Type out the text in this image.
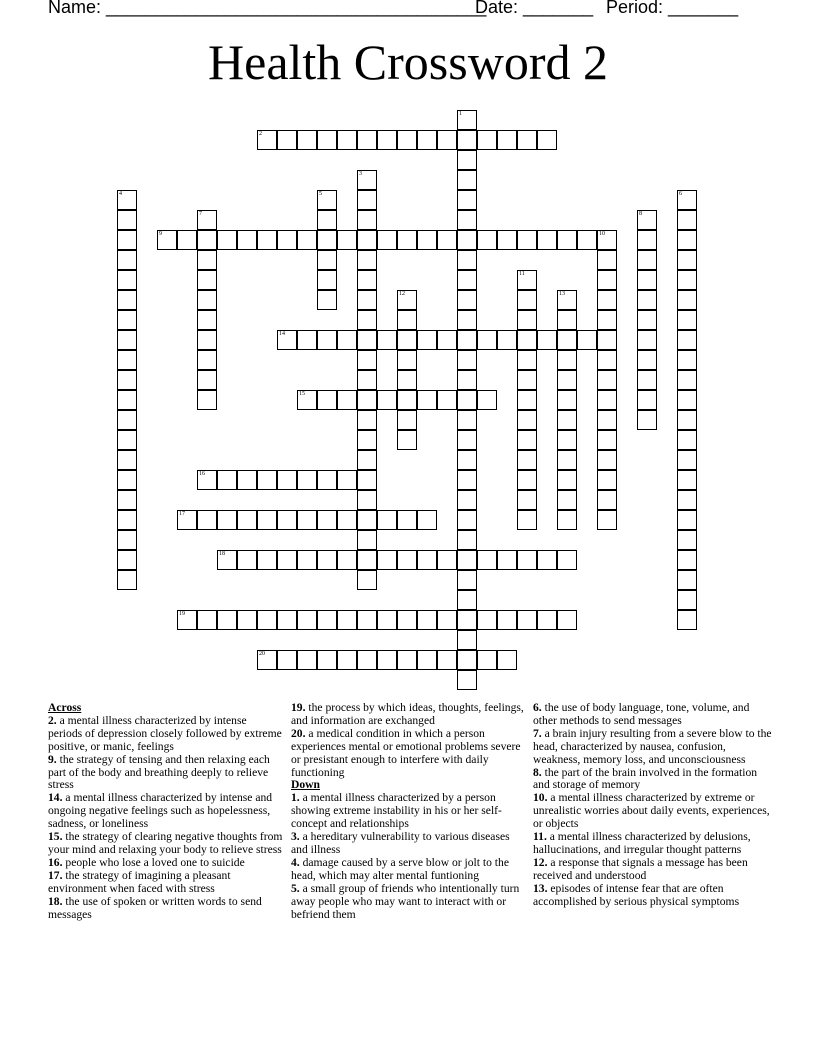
Name: ______________________________________
Date: _______ Period: _______
Health Crossword 2
1
2
3
4	5	6
7	8
9	10
11
12	13
14
15
16
17
18
19
20

Across

2. a mental illness characterized by intense periods of depression closely followed by extreme positive, or manic, feelings

9. the strategy of tensing and then relaxing each part of the body and breathing deeply to relieve stress

14. a mental illness characterized by intense and ongoing negative feelings such as hopelessness, sadness, or loneliness

15. the strategy of clearing negative thoughts from your mind and relaxing your body to relieve stress

16. people who lose a loved one to suicide

17. the strategy of imagining a pleasant environment when faced with stress

18. the use of spoken or written words to send messages

19. the process by which ideas, thoughts, feelings, and information are exchanged

20. a medical condition in which a person experiences mental or emotional problems severe or presistant enough to interfere with daily functioning

Down

1. a mental illness characterized by a person showing extreme instability in his or her self-concept and relationships

3. a hereditary vulnerability to various diseases and illness

4. damage caused by a serve blow or jolt to the head, which may alter mental funtioning

5. a small group of friends who intentionally turn away people who may want to interact with or befriend them

6. the use of body language, tone, volume, and other methods to send messages

7. a brain injury resulting from a severe blow to the head, characterized by nausea, confusion, weakness, memory loss, and unconsciousness

8. the part of the brain involved in the formation and storage of memory

10. a mental illness characterized by extreme or unrealistic worries about daily events, experiences, or objects

11. a mental illness characterized by delusions, hallucinations, and irregular thought patterns

12. a response that signals a message has been received and understood

13. episodes of intense fear that are often accomplished by serious physical symptoms
